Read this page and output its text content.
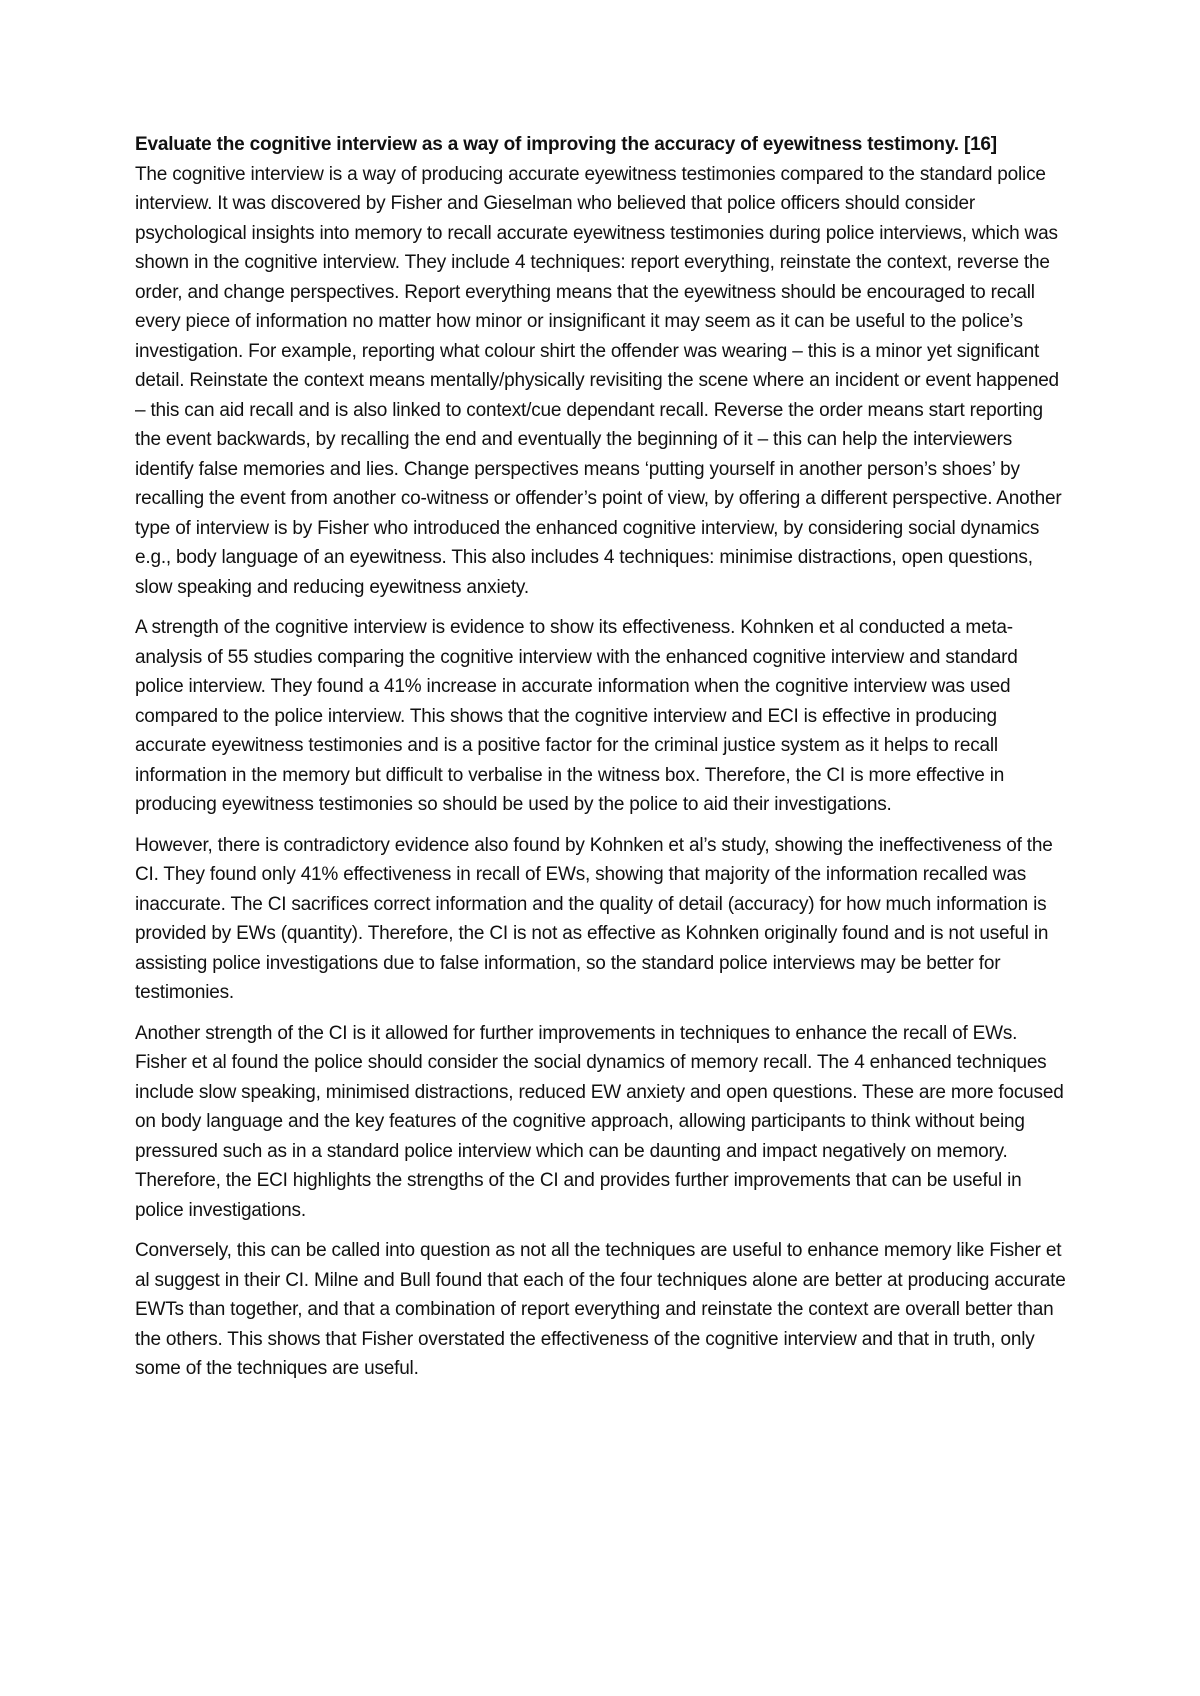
Evaluate the cognitive interview as a way of improving the accuracy of eyewitness testimony. [16]

The cognitive interview is a way of producing accurate eyewitness testimonies compared to the standard police interview. It was discovered by Fisher and Gieselman who believed that police officers should consider psychological insights into memory to recall accurate eyewitness testimonies during police interviews, which was shown in the cognitive interview. They include 4 techniques: report everything, reinstate the context, reverse the order, and change perspectives. Report everything means that the eyewitness should be encouraged to recall every piece of information no matter how minor or insignificant it may seem as it can be useful to the police’s investigation. For example, reporting what colour shirt the offender was wearing – this is a minor yet significant detail. Reinstate the context means mentally/physically revisiting the scene where an incident or event happened – this can aid recall and is also linked to context/cue dependant recall. Reverse the order means start reporting the event backwards, by recalling the end and eventually the beginning of it – this can help the interviewers identify false memories and lies. Change perspectives means ‘putting yourself in another person’s shoes’ by recalling the event from another co-witness or offender’s point of view, by offering a different perspective. Another type of interview is by Fisher who introduced the enhanced cognitive interview, by considering social dynamics e.g., body language of an eyewitness. This also includes 4 techniques: minimise distractions, open questions, slow speaking and reducing eyewitness anxiety.

A strength of the cognitive interview is evidence to show its effectiveness. Kohnken et al conducted a meta-analysis of 55 studies comparing the cognitive interview with the enhanced cognitive interview and standard police interview. They found a 41% increase in accurate information when the cognitive interview was used compared to the police interview. This shows that the cognitive interview and ECI is effective in producing accurate eyewitness testimonies and is a positive factor for the criminal justice system as it helps to recall information in the memory but difficult to verbalise in the witness box. Therefore, the CI is more effective in producing eyewitness testimonies so should be used by the police to aid their investigations.

However, there is contradictory evidence also found by Kohnken et al’s study, showing the ineffectiveness of the CI. They found only 41% effectiveness in recall of EWs, showing that majority of the information recalled was inaccurate. The CI sacrifices correct information and the quality of detail (accuracy) for how much information is provided by EWs (quantity). Therefore, the CI is not as effective as Kohnken originally found and is not useful in assisting police investigations due to false information, so the standard police interviews may be better for testimonies.

Another strength of the CI is it allowed for further improvements in techniques to enhance the recall of EWs. Fisher et al found the police should consider the social dynamics of memory recall. The 4 enhanced techniques include slow speaking, minimised distractions, reduced EW anxiety and open questions. These are more focused on body language and the key features of the cognitive approach, allowing participants to think without being pressured such as in a standard police interview which can be daunting and impact negatively on memory. Therefore, the ECI highlights the strengths of the CI and provides further improvements that can be useful in police investigations.

Conversely, this can be called into question as not all the techniques are useful to enhance memory like Fisher et al suggest in their CI. Milne and Bull found that each of the four techniques alone are better at producing accurate EWTs than together, and that a combination of report everything and reinstate the context are overall better than the others. This shows that Fisher overstated the effectiveness of the cognitive interview and that in truth, only some of the techniques are useful.
